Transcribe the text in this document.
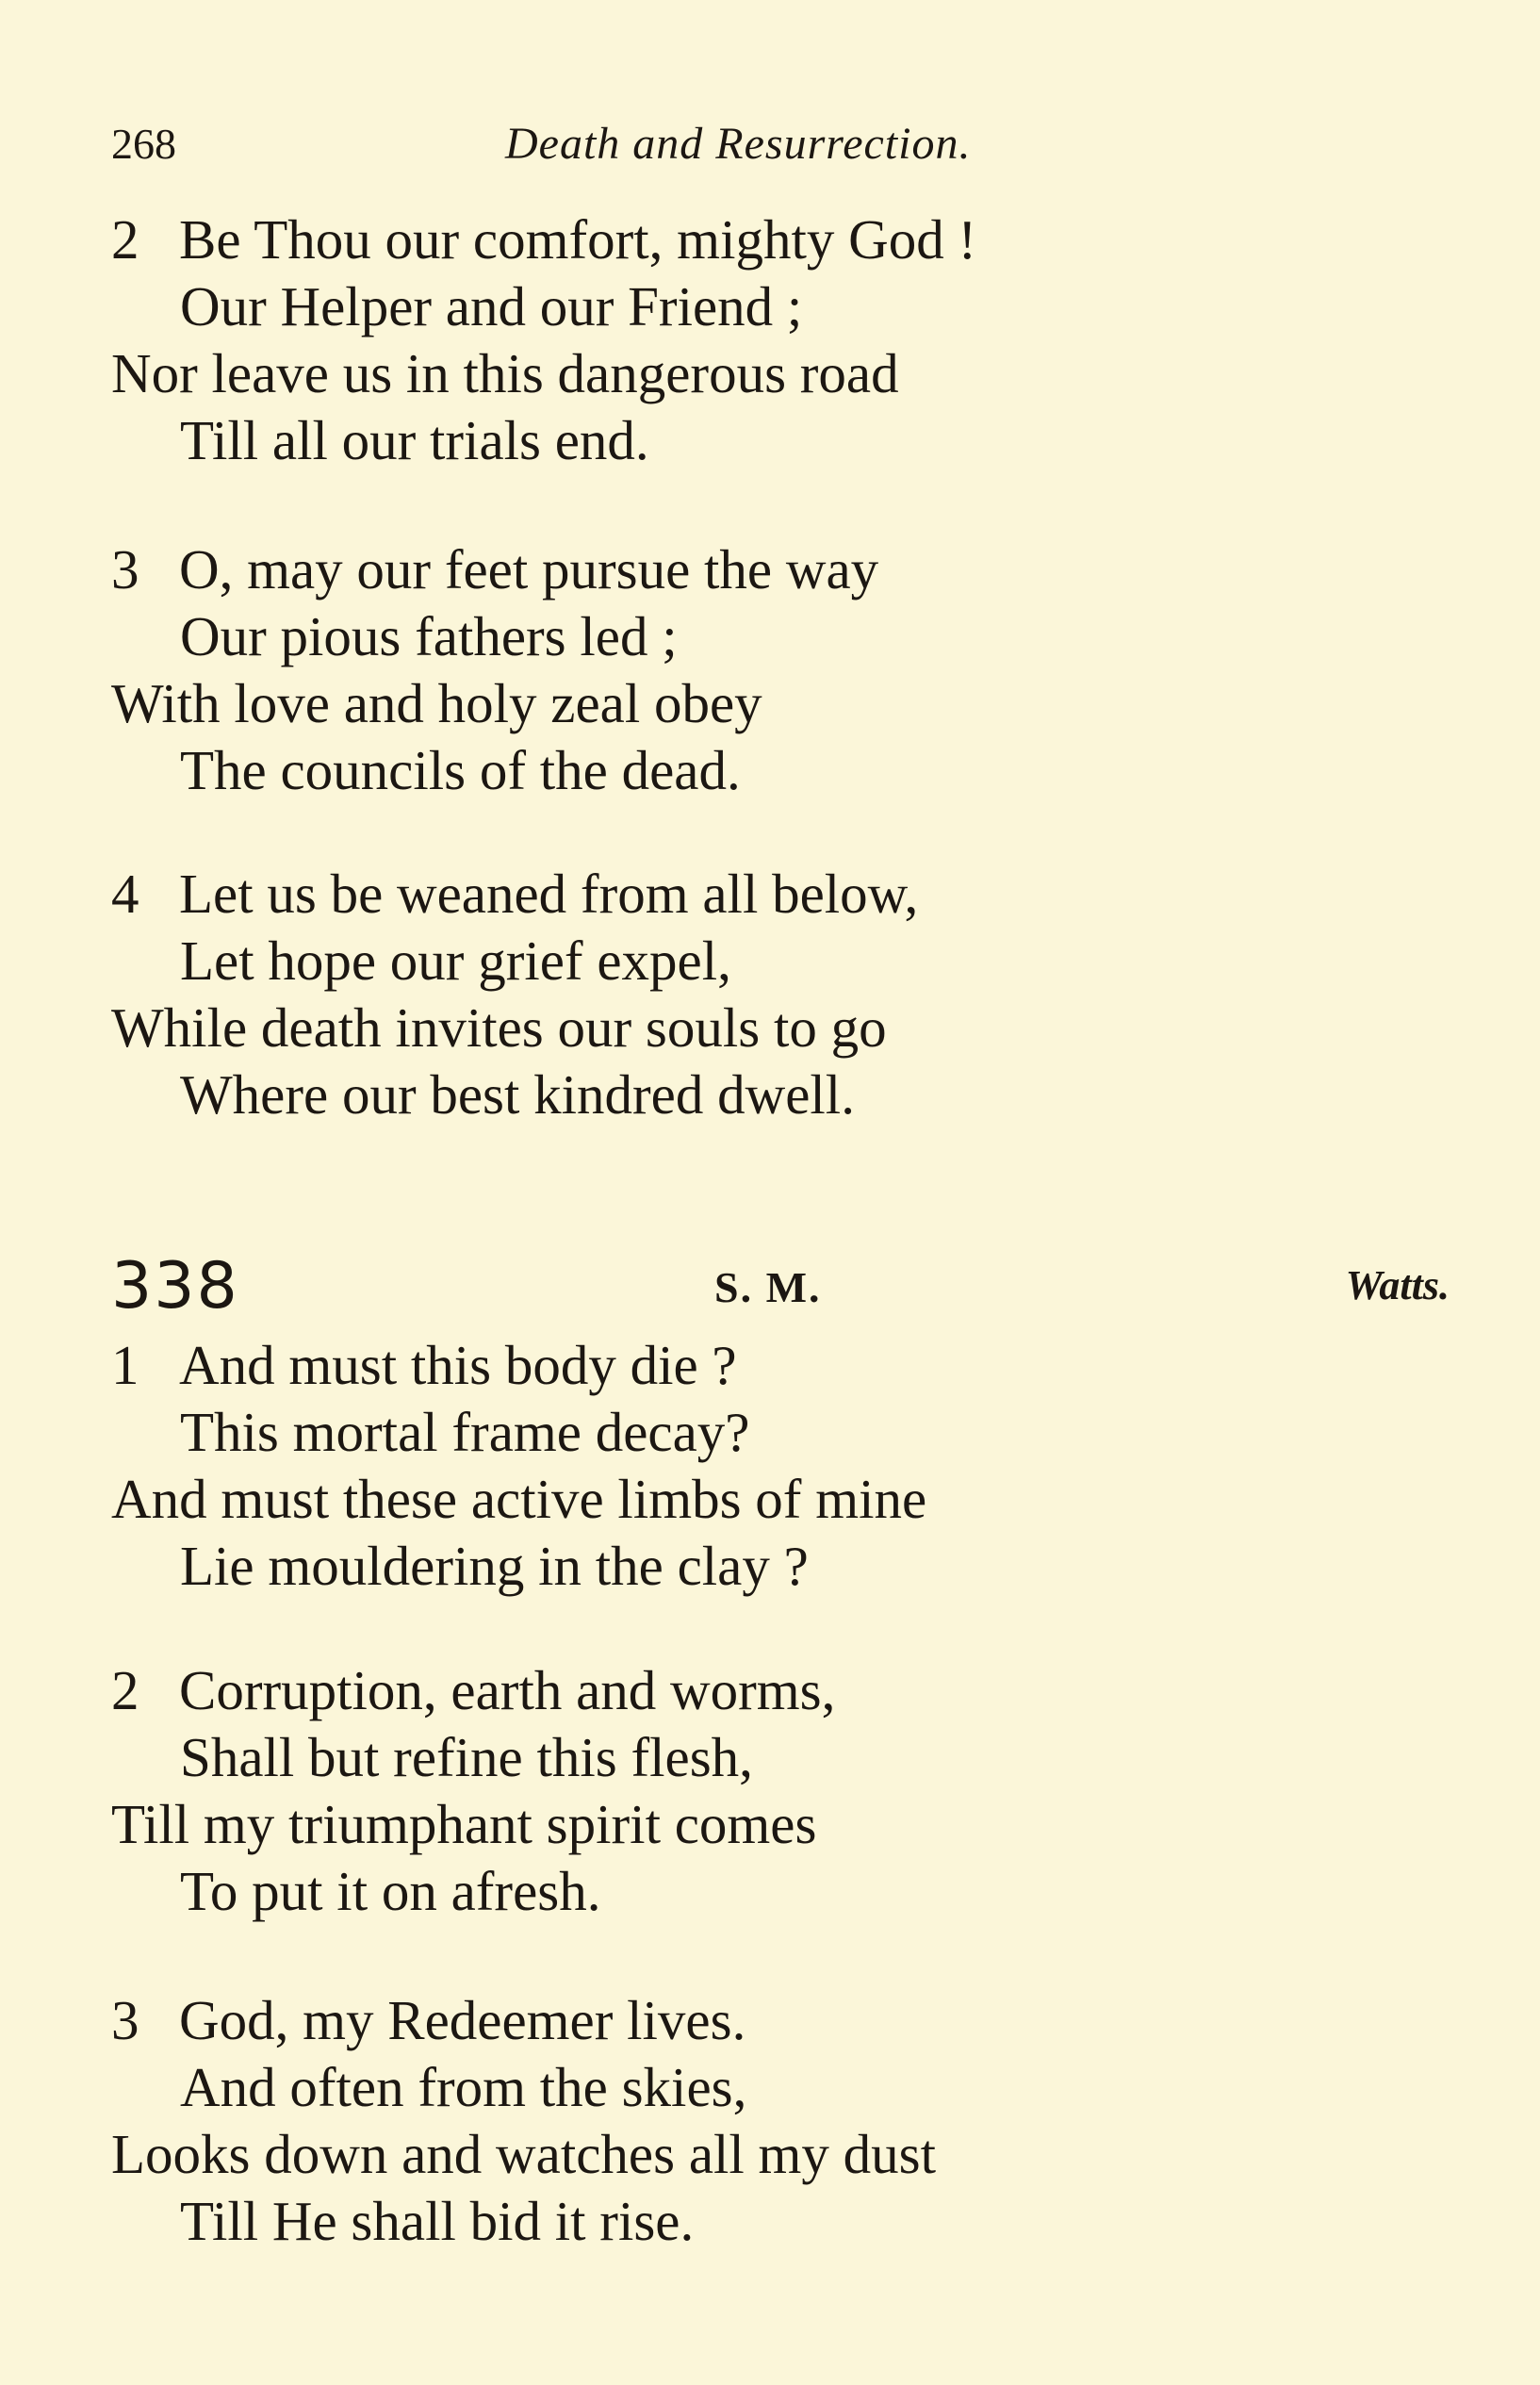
268	Death and Resurrection.
2 Be Thou our comfort, mighty God !
Our Helper and our Friend ;
Nor leave us in this dangerous road
Till all our trials end.
3 O, may our feet pursue the way
Our pious fathers led ;
With love and holy zeal obey
The councils of the dead.
4 Let us be weaned from all below,
Let hope our grief expel,
While death invites our souls to go
Where our best kindred dwell.
338	S. M.	Watts.
1 And must this body die ?
This mortal frame decay?
And must these active limbs of mine
Lie mouldering in the clay ?
2 Corruption, earth and worms,
Shall but refine this flesh,
Till my triumphant spirit comes
To put it on afresh.
3 God, my Redeemer lives.
And often from the skies,
Looks down and watches all my dust
Till He shall bid it rise.
